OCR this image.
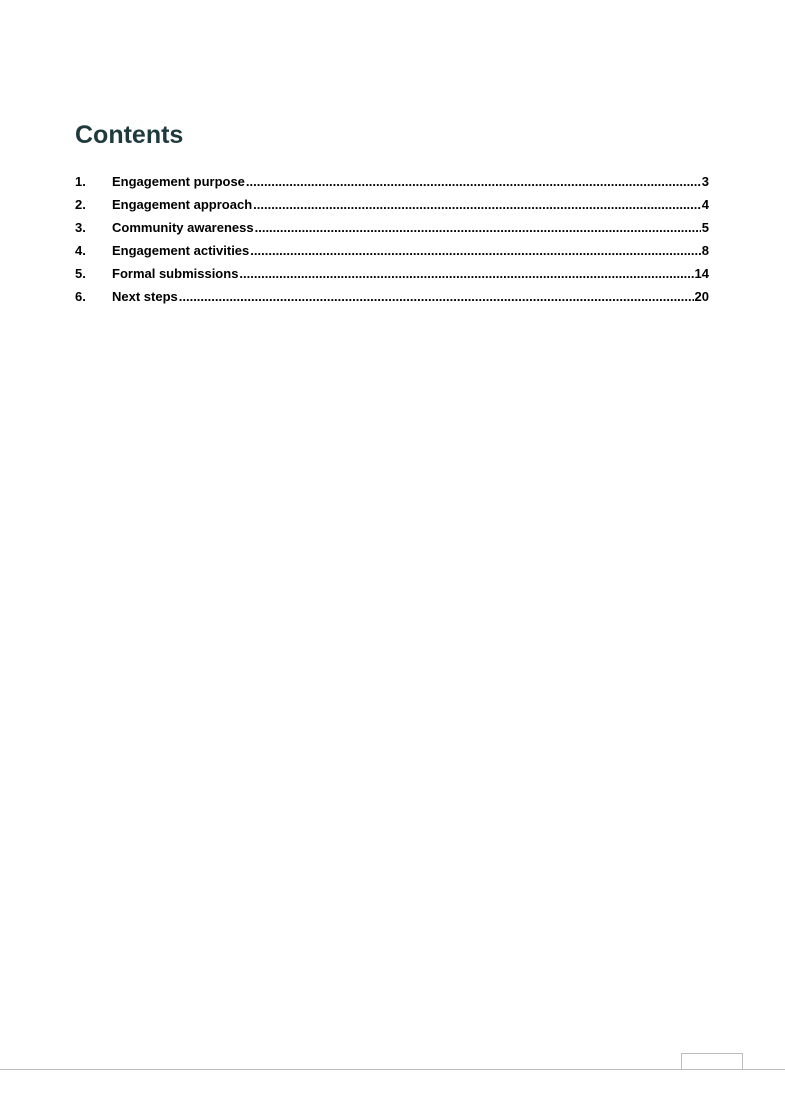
Contents
1.	Engagement purpose .....	3
2.	Engagement approach .....	4
3.	Community awareness .....	5
4.	Engagement activities .....	8
5.	Formal submissions .....	14
6.	Next steps .....	20
